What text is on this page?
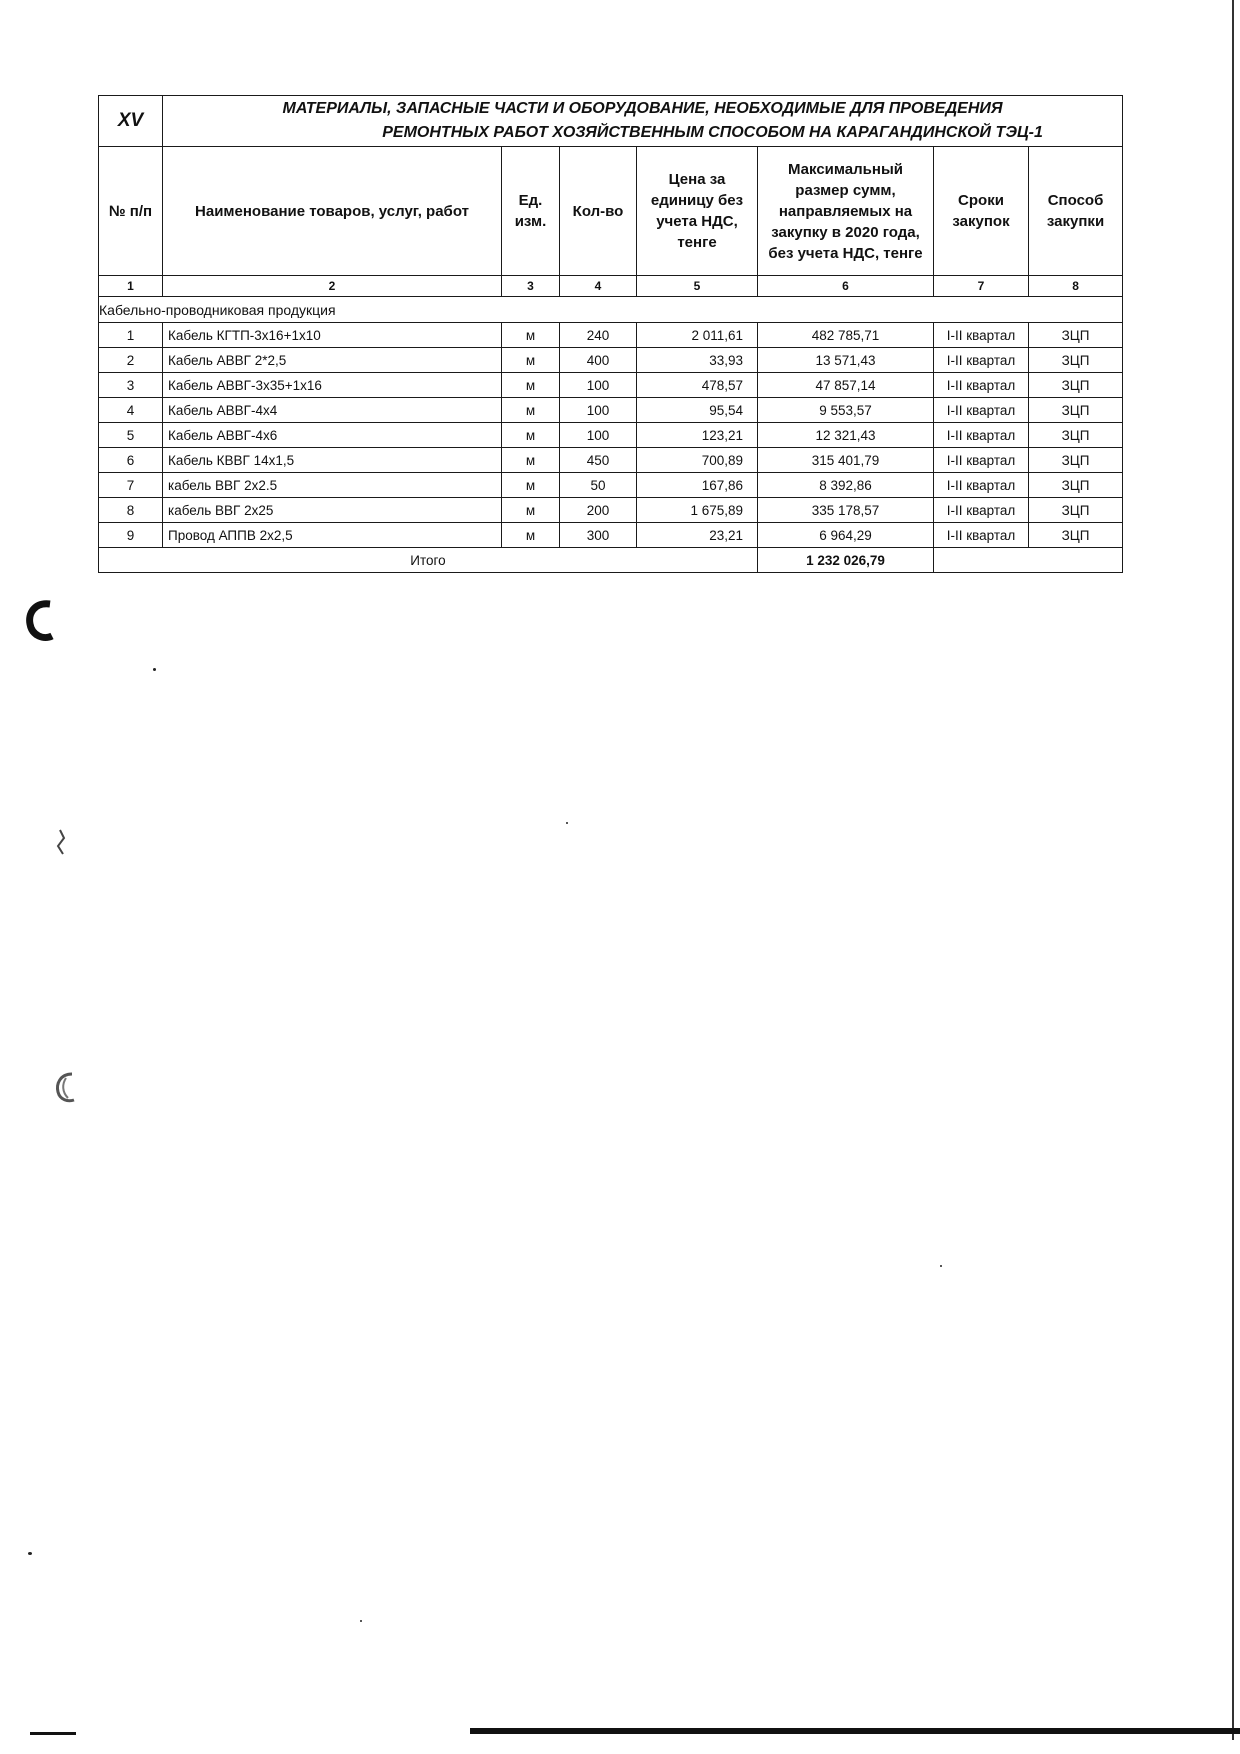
XV	МАТЕРИАЛЫ, ЗАПАСНЫЕ ЧАСТИ И ОБОРУДОВАНИЕ, НЕОБХОДИМЫЕ ДЛЯ ПРОВЕДЕНИЯ
РЕМОНТНЫХ РАБОТ ХОЗЯЙСТВЕННЫМ СПОСОБОМ НА КАРАГАНДИНСКОЙ ТЭЦ-1						

№ п/п	Наименование товаров, услуг, работ	Ед. изм.	Кол-во	Цена за единицу без учета НДС, тенге	Максимальный размер сумм, направляемых на закупку в 2020 года, без учета НДС, тенге	Сроки закупок	Способ закупки
1	2	3	4	5	6	7	8
Кабельно-проводниковая продукция							
1	Кабель КГТП-3х16+1х10	м	240	2 011,61	482 785,71	I-II квартал	ЗЦП
2	Кабель АВВГ 2*2,5	м	400	33,93	13 571,43	I-II квартал	ЗЦП
3	Кабель АВВГ-3х35+1х16	м	100	478,57	47 857,14	I-II квартал	ЗЦП
4	Кабель АВВГ-4х4	м	100	95,54	9 553,57	I-II квартал	ЗЦП
5	Кабель АВВГ-4х6	м	100	123,21	12 321,43	I-II квартал	ЗЦП
6	Кабель КВВГ 14х1,5	м	450	700,89	315 401,79	I-II квартал	ЗЦП
7	кабель ВВГ 2х2.5	м	50	167,86	8 392,86	I-II квартал	ЗЦП
8	кабель ВВГ 2х25	м	200	1 675,89	335 178,57	I-II квартал	ЗЦП
9	Провод АППВ 2х2,5	м	300	23,21	6 964,29	I-II квартал	ЗЦП
Итого					1 232 026,79		
